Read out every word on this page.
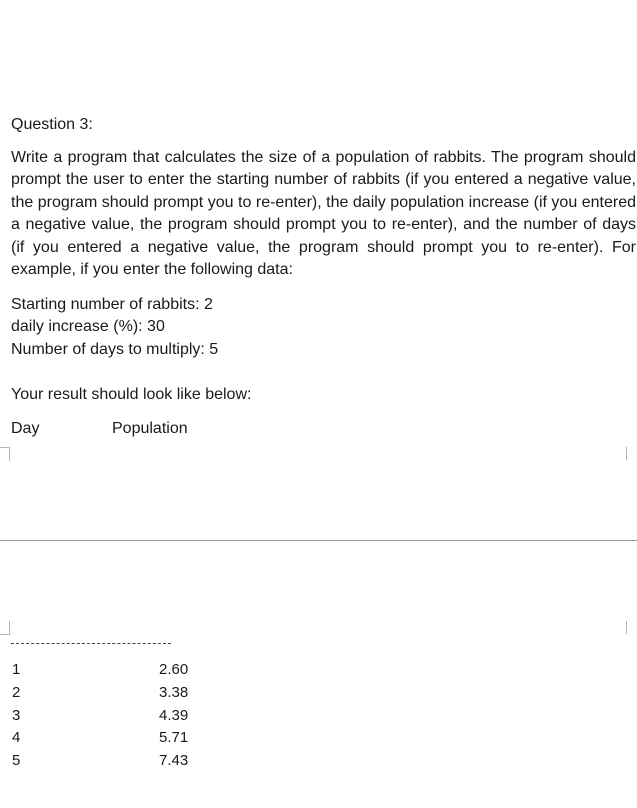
Question 3:
Write a program that calculates the size of a population of rabbits. The program should prompt the user to enter the starting number of rabbits (if you entered a negative value, the program should prompt you to re-enter), the daily population increase (if you entered a negative value, the program should prompt you to re-enter), and the number of days (if you entered a negative value, the program should prompt you to re-enter). For example, if you enter the following data:
Starting number of rabbits: 2
daily increase (%): 30
Number of days to multiply: 5
Your result should look like below:
Day	Population
1	2.60
2	3.38
3	4.39
4	5.71
5	7.43
